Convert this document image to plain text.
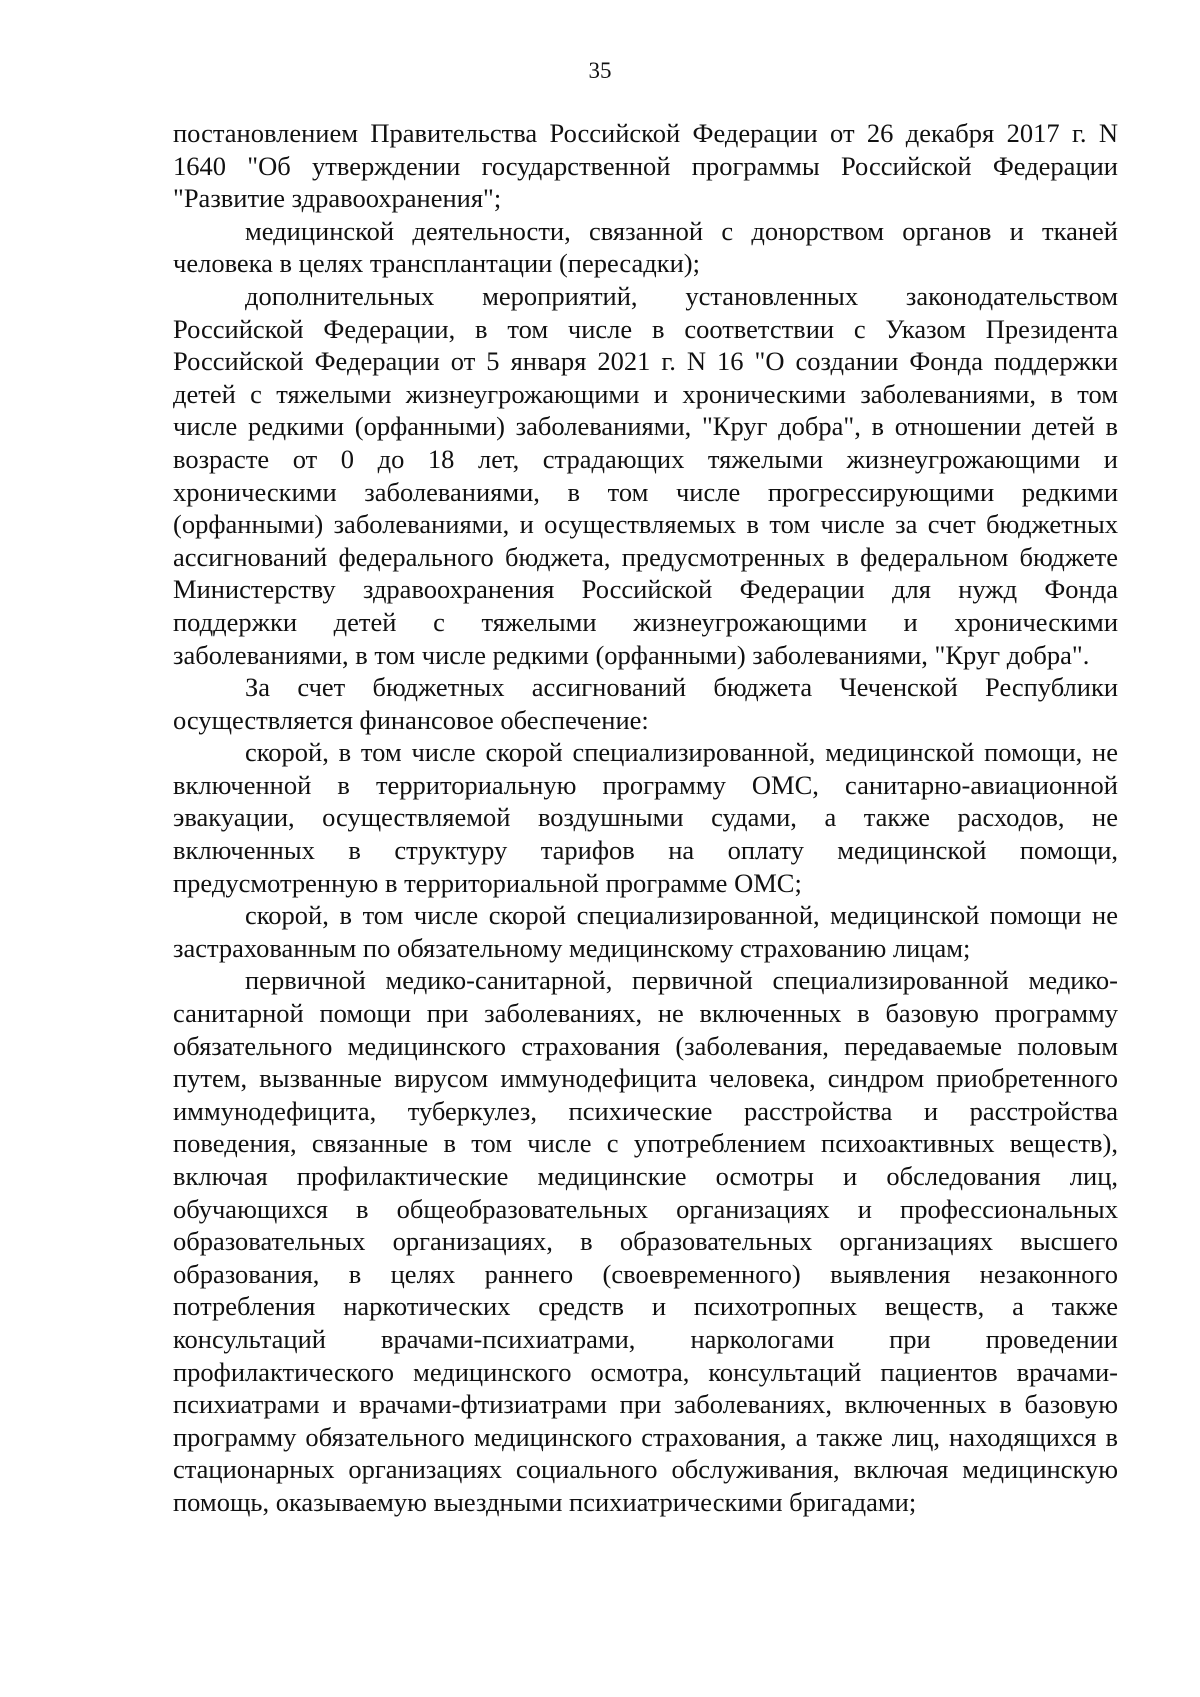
35

постановлением Правительства Российской Федерации от 26 декабря 2017 г. N 1640 "Об утверждении государственной программы Российской Федерации "Развитие здравоохранения";

медицинской деятельности, связанной с донорством органов и тканей человека в целях трансплантации (пересадки);

дополнительных мероприятий, установленных законодательством Российской Федерации, в том числе в соответствии с Указом Президента Российской Федерации от 5 января 2021 г. N 16 "О создании Фонда поддержки детей с тяжелыми жизнеугрожающими и хроническими заболеваниями, в том числе редкими (орфанными) заболеваниями, "Круг добра", в отношении детей в возрасте от 0 до 18 лет, страдающих тяжелыми жизнеугрожающими и хроническими заболеваниями, в том числе прогрессирующими редкими (орфанными) заболеваниями, и осуществляемых в том числе за счет бюджетных ассигнований федерального бюджета, предусмотренных в федеральном бюджете Министерству здравоохранения Российской Федерации для нужд Фонда поддержки детей с тяжелыми жизнеугрожающими и хроническими заболеваниями, в том числе редкими (орфанными) заболеваниями, "Круг добра".

За счет бюджетных ассигнований бюджета Чеченской Республики осуществляется финансовое обеспечение:

скорой, в том числе скорой специализированной, медицинской помощи, не включенной в территориальную программу ОМС, санитарно-авиационной эвакуации, осуществляемой воздушными судами, а также расходов, не включенных в структуру тарифов на оплату медицинской помощи, предусмотренную в территориальной программе ОМС;

скорой, в том числе скорой специализированной, медицинской помощи не застрахованным по обязательному медицинскому страхованию лицам;

первичной медико-санитарной, первичной специализированной медико-санитарной помощи при заболеваниях, не включенных в базовую программу обязательного медицинского страхования (заболевания, передаваемые половым путем, вызванные вирусом иммунодефицита человека, синдром приобретенного иммунодефицита, туберкулез, психические расстройства и расстройства поведения, связанные в том числе с употреблением психоактивных веществ), включая профилактические медицинские осмотры и обследования лиц, обучающихся в общеобразовательных организациях и профессиональных образовательных организациях, в образовательных организациях высшего образования, в целях раннего (своевременного) выявления незаконного потребления наркотических средств и психотропных веществ, а также консультаций врачами-психиатрами, наркологами при проведении профилактического медицинского осмотра, консультаций пациентов врачами-психиатрами и врачами-фтизиатрами при заболеваниях, включенных в базовую программу обязательного медицинского страхования, а также лиц, находящихся в стационарных организациях социального обслуживания, включая медицинскую помощь, оказываемую выездными психиатрическими бригадами;
